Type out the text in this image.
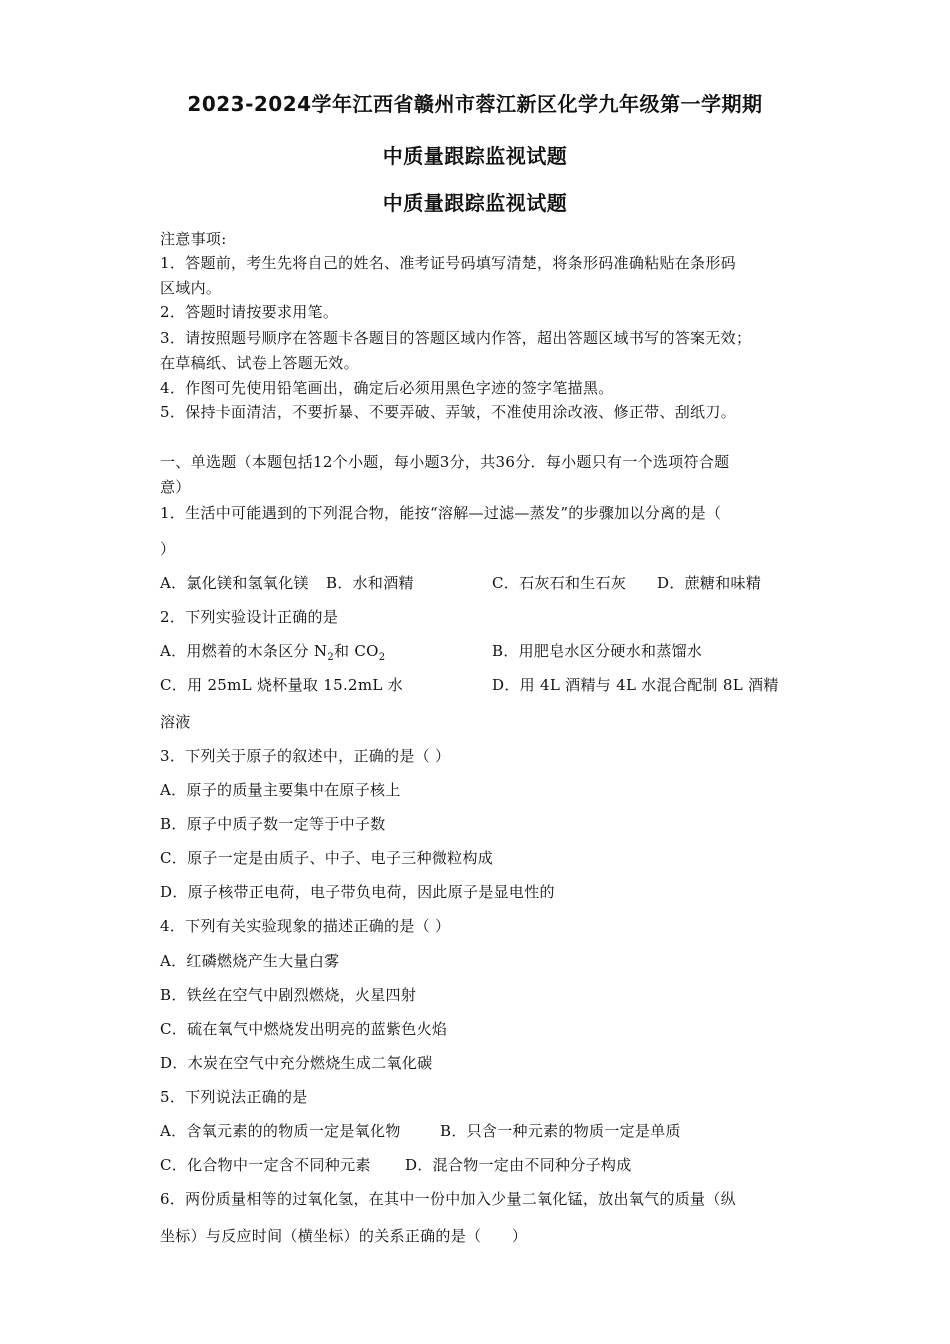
2023-2024学年江西省赣州市蓉江新区化学九年级第一学期期
中质量跟踪监视试题
中质量跟踪监视试题
注意事项:
1．答题前，考生先将自己的姓名、准考证号码填写清楚，将条形码准确粘贴在条形码
区域内。
2．答题时请按要求用笔。
3．请按照题号顺序在答题卡各题目的答题区域内作答，超出答题区域书写的答案无效；
在草稿纸、试卷上答题无效。
4．作图可先使用铅笔画出，确定后必须用黑色字迹的签字笔描黑。
5．保持卡面清洁，不要折暴、不要弄破、弄皱，不准使用涂改液、修正带、刮纸刀。
一、单选题（本题包括12个小题，每小题3分，共36分．每小题只有一个选项符合题
意）
1．生活中可能遇到的下列混合物，能按“溶解—过滤—蒸发”的步骤加以分离的是（
）
A．氯化镁和氢氧化镁 B．水和酒精	C．石灰石和生石灰 D．蔗糖和味精
2．下列实验设计正确的是
A．用燃着的木条区分 $N_2$和 $CO_2$	B．用肥皂水区分硬水和蒸馏水
C．用 25mL 烧杯量取 15.2mL 水	D．用 4L 酒精与 4L 水混合配制 8L 酒精
溶液
3．下列关于原子的叙述中，正确的是（ ）
A．原子的质量主要集中在原子核上
B．原子中质子数一定等于中子数
C．原子一定是由质子、中子、电子三种微粒构成
D．原子核带正电荷，电子带负电荷，因此原子是显电性的
4．下列有关实验现象的描述正确的是（ ）
A．红磷燃烧产生大量白雾
B．铁丝在空气中剧烈燃烧，火星四射
C．硫在氧气中燃烧发出明亮的蓝紫色火焰
D．木炭在空气中充分燃烧生成二氧化碳
5．下列说法正确的是
A．含氧元素的的物质一定是氧化物	B．只含一种元素的物质一定是单质
C．化合物中一定含不同种元素 D．混合物一定由不同种分子构成
6．两份质量相等的过氧化氢，在其中一份中加入少量二氧化锰，放出氧气的质量（纵
坐标）与反应时间（横坐标）的关系正确的是（　　）
